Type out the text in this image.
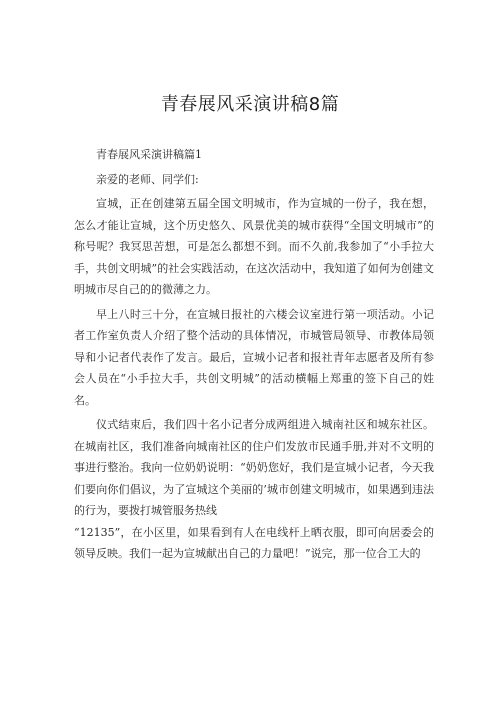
青春展风采演讲稿8篇

青春展风采演讲稿篇1

亲爱的老师、同学们:

宣城，正在创建第五届全国文明城市，作为宣城的一份子，我在想，怎么才能让宣城，这个历史悠久、风景优美的城市获得“全国文明城市”的称号呢？我冥思苦想，可是怎么都想不到。而不久前,我参加了“小手拉大手，共创文明城”的社会实践活动，在这次活动中，我知道了如何为创建文明城市尽自己的的微薄之力。

早上八时三十分，在宣城日报社的六楼会议室进行第一项活动。小记者工作室负责人介绍了整个活动的具体情况，市城管局领导、市教体局领导和小记者代表作了发言。最后，宣城小记者和报社青年志愿者及所有参会人员在“小手拉大手，共创文明城”的活动横幅上郑重的签下自己的姓名。

仪式结束后，我们四十名小记者分成两组进入城南社区和城东社区。在城南社区，我们准备向城南社区的住户们发放市民通手册,并对不文明的事进行整治。我向一位奶奶说明：“奶奶您好，我们是宣城小记者，今天我们要向你们倡议，为了宣城这个美丽的’城市创建文明城市，如果遇到违法的行为，要拨打城管服务热线

“12135”，在小区里，如果看到有人在电线杆上晒衣服，即可向居委会的领导反映。我们一起为宣城献出自己的力量吧！”说完，那一位合工大的
